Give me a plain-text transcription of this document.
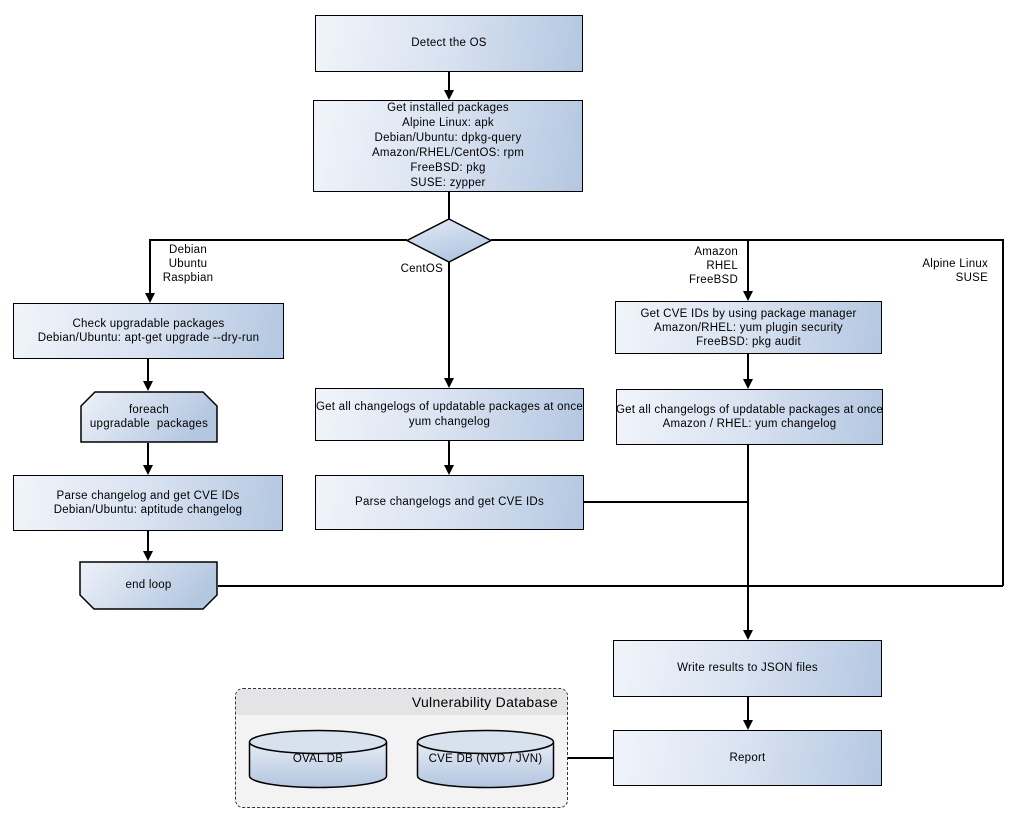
Detect the OS
Get installed packages
Alpine Linux: apk
Debian/Ubuntu: dpkg-query
Amazon/RHEL/CentOS: rpm
FreeBSD: pkg
SUSE: zypper
Check upgradable packages
Debian/Ubuntu: apt-get upgrade --dry-run
Parse changelog and get CVE IDs
Debian/Ubuntu: aptitude changelog
Get all changelogs of updatable packages at once
yum changelog
Parse changelogs and get CVE IDs
Get CVE IDs by using package manager
Amazon/RHEL: yum plugin security
FreeBSD: pkg audit
Get all changelogs of updatable packages at once
Amazon / RHEL: yum changelog
Write results to JSON files
Report
foreach
upgradable  packages
end loop
Debian
Ubuntu
Raspbian
CentOS
Amazon
RHEL
FreeBSD
Alpine Linux
SUSE
Vulnerability Database
OVAL DB	CVE DB (NVD / JVN)
